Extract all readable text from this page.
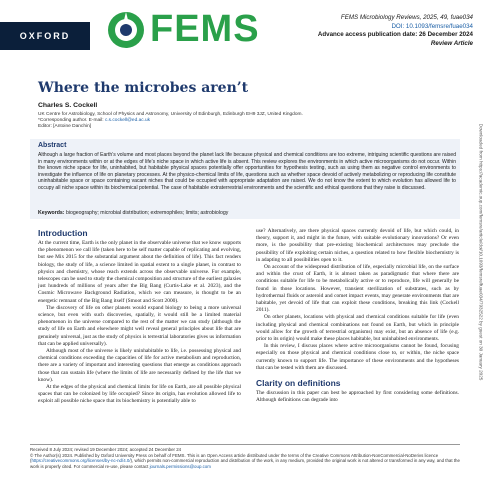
OXFORD	FEMS	FEMS Microbiology Reviews, 2025, 49, fuae034
DOI: 10.1093/femsre/fuae034
Advance access publication date: 26 December 2024
Review Article
Where the microbes aren’t
Charles S. Cockell
UK Centre for Astrobiology, School of Physics and Astronomy, University of Edinburgh, Edinburgh EH9 3JZ, United Kingdom.
*Corresponding author. E-mail: c.s.cockell@ed.ac.uk
Editor: [Antoine Danchin]
Abstract
Although a large fraction of Earth’s volume and most places beyond the planet lack life because physical and chemical conditions are too extreme, intriguing scientific questions are raised in many environments within or at the edges of life’s niche space in which active life is absent. This review explores the environments in which active microorganisms do not occur. Within the known niche space for life, uninhabited, but habitable physical spaces potentially offer opportunities for hypothesis testing, such as using them as negative control environments to investigate the influence of life on planetary processes. At the physico-chemical limits of life, questions such as whether space devoid of actively metabolizing or reproducing life constitute uninhabitable space or space containing vacant niches that could be occupied with appropriate adaptation are raised. We do not know the extent to which evolution has allowed life to occupy all niche space within its biochemical potential. The case of habitable extraterrestrial environments and the scientific and ethical questions that they raise is discussed.
Keywords: biogeography; microbial distribution; extremophiles; limits; astrobiology
Introduction

At the current time, Earth is the only planet in the observable universe that we know supports the phenomenon we call life (taken here to be self matter capable of replicating and evolving, but see Mix 2015 for the substantial argument about the definition of life). This fact renders biology, the study of life, a science limited in spatial extent to a single planet, in contrast to physics and chemistry, whose reach extends across the observable universe. For example, telescopes can be used to study the chemical composition and structure of the earliest galaxies just hundreds of millions of years after the Big Bang (Curtis-Lake et al. 2023), and the Cosmic Microwave Background Radiation, which we can measure, is thought to be an energetic remnant of the Big Bang itself (Smoot and Scott 2000).

The discovery of life on other planets would expand biology to being a more universal science, but even with such discoveries, spatially, it would still be a limited material phenomenon in the universe compared to the rest of the matter we can study (although the study of life on Earth and elsewhere might well reveal general principles about life that are genuinely universal, just as the study of physics is terrestrial laboratories gives us information that can be applied universally).

Although most of the universe is likely uninhabitable to life, i.e. possessing physical and chemical conditions exceeding the capacities of life for active metabolism and reproduction, there are a variety of important and interesting questions that emerge as conditions approach those that can sustain life (where the limits of life are necessarily defined by the life that we know).

At the edges of the physical and chemical limits for life on Earth, are all possible physical spaces that can be colonized by life occupied? Since its origin, has evolution allowed life to exploit all possible niche space that its biochemistry is potentially able to

use? Alternatively, are there physical spaces currently devoid of life, but which could, in theory, support it, and might in the future, with suitable evolutionary innovations? Or even more, is the possibility that pre-existing biochemical architectures may preclude the possibility of life exploiting certain niches, a question related to how flexible biochemistry is in adapting to all possibilities open to it.

On account of the widespread distribution of life, especially microbial life, on the surface and within the crust of Earth, it is almost taken as paradigmatic that where there are conditions suitable for life to be metabolically active or to reproduce, life will generally be found in those locations. However, transient sterilization of substrates, such as by hydrothermal fluids or asteroid and comet impact events, may generate environments that are habitable, yet devoid of life that can exploit these conditions, breaking this link (Cockell 2011).

On other planets, locations with physical and chemical conditions suitable for life (even including physical and chemical combinations not found on Earth, but which in principle would allow for the growth of terrestrial organisms) may exist, but an absence of life (e.g. prior to its origin) would make these places habitable, but uninhabited environments.

In this review, I discuss places where active microorganisms cannot be found, focusing especially on those physical and chemical conditions close to, or within, the niche space currently known to support life. The importance of these environments and the hypotheses that can be tested with them are discussed.

Clarity on definitions

The discussion in this paper can best be approached by first considering some definitions. Although definitions can degrade into

Received 8 July 2024; revised 19 December 2024; accepted 24 December 24
© The Author(s) 2024. Published by Oxford University Press on behalf of FEMS. This is an Open Access article distributed under the terms of the Creative Commons Attribution-NonCommercial-NoDerivs licence (https://creativecommons.org/licenses/by-nc-nd/4.0/), which permits non-commercial reproduction and distribution of the work, in any medium, provided the original work is not altered or transformed in any way, and that the work is properly cited. For commercial re-use, please contact journals.permissions@oup.com
Downloaded from https://academic.oup.com/femsre/article/doi/10.1093/femsre/fuae034/7932522 by guest on 30 January 2025
